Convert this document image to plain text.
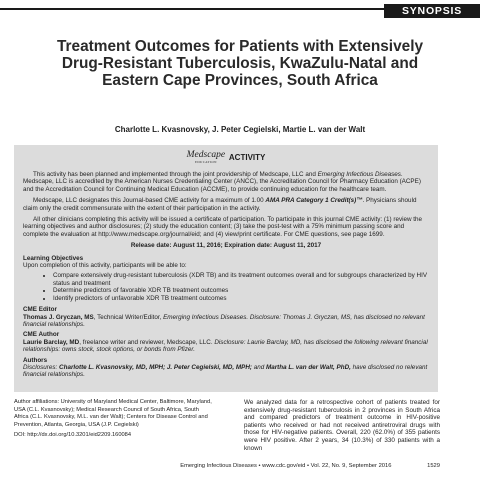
SYNOPSIS
Treatment Outcomes for Patients with Extensively Drug-Resistant Tuberculosis, KwaZulu-Natal and Eastern Cape Provinces, South Africa
Charlotte L. Kvasnovsky, J. Peter Cegielski, Martie L. van der Walt
Medscape
EDUCATION
ACTIVITY

This activity has been planned and implemented through the joint providership of Medscape, LLC and Emerging Infectious Diseases. Medscape, LLC is accredited by the American Nurses Credentialing Center (ANCC), the Accreditation Council for Pharmacy Education (ACPE) and the Accreditation Council for Continuing Medical Education (ACCME), to provide continuing education for the healthcare team.

Medscape, LLC designates this Journal-based CME activity for a maximum of 1.00 AMA PRA Category 1 Credit(s)™. Physicians should claim only the credit commensurate with the extent of their participation in the activity.

All other clinicians completing this activity will be issued a certificate of participation. To participate in this journal CME activity: (1) review the learning objectives and author disclosures; (2) study the education content; (3) take the post-test with a 75% minimum passing score and complete the evaluation at http://www.medscape.org/journal/eid; and (4) view/print certificate. For CME questions, see page 1699.

Release date: August 11, 2016; Expiration date: August 11, 2017
Learning Objectives
Upon completion of this activity, participants will be able to:
• Compare extensively drug-resistant tuberculosis (XDR TB) and its treatment outcomes overall and for subgroups characterized by HIV status and treatment
• Determine predictors of favorable XDR TB treatment outcomes
• Identify predictors of unfavorable XDR TB treatment outcomes
CME Editor
Thomas J. Gryczan, MS, Technical Writer/Editor, Emerging Infectious Diseases. Disclosure: Thomas J. Gryczan, MS, has disclosed no relevant financial relationships.
CME Author
Laurie Barclay, MD, freelance writer and reviewer, Medscape, LLC. Disclosure: Laurie Barclay, MD, has disclosed the following relevant financial relationships: owns stock, stock options, or bonds from Pfizer.
Authors
Disclosures: Charlotte L. Kvasnovsky, MD, MPH; J. Peter Cegielski, MD, MPH; and Martha L. van der Walt, PhD, have disclosed no relevant financial relationships.
Author affiliations: University of Maryland Medical Center, Baltimore, Maryland, USA (C.L. Kvasnovsky); Medical Research Council of South Africa, South Africa (C.L. Kvasnovsky, M.L. van der Walt); Centers for Disease Control and Prevention, Atlanta, Georgia, USA (J.P. Cegielski)
DOI: http://dx.doi.org/10.3201/eid2209.160084
We analyzed data for a retrospective cohort of patients treated for extensively drug-resistant tuberculosis in 2 provinces in South Africa and compared predictors of treatment outcome in HIV-positive patients who received or had not received antiretroviral drugs with those for HIV-negative patients. Overall, 220 (62.0%) of 355 patients were HIV positive. After 2 years, 34 (10.3%) of 330 patients with a known
Emerging Infectious Diseases • www.cdc.gov/eid • Vol. 22, No. 9, September 2016	1529
